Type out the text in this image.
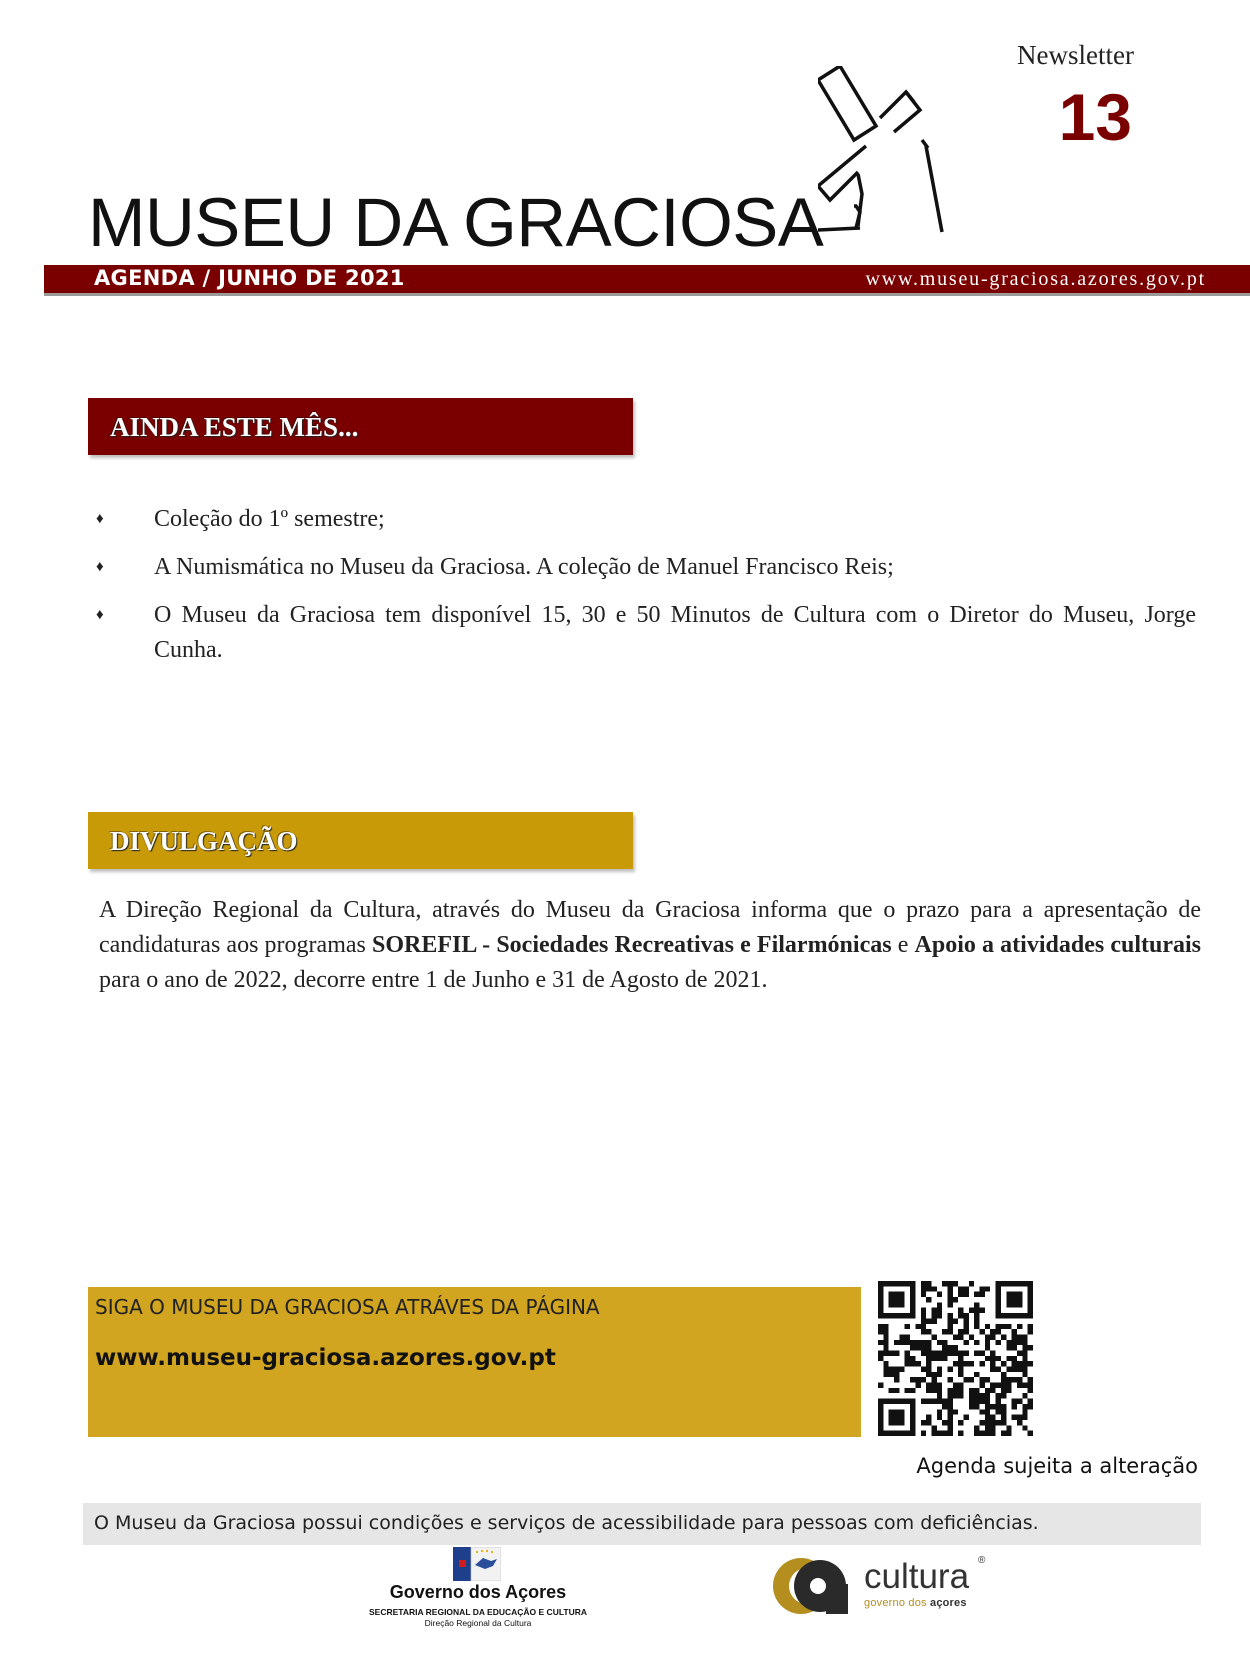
Newsletter
13
MUSEU DA GRACIOSA
AGENDA / JUNHO DE 2021	www.museu-graciosa.azores.gov.pt
AINDA ESTE MÊS...
♦ Coleção do 1º semestre;
♦ A Numismática no Museu da Graciosa. A coleção de Manuel Francisco Reis;
♦ O Museu da Graciosa tem disponível 15, 30 e 50 Minutos de Cultura com o Diretor do Museu, Jorge Cunha.
DIVULGAÇÃO

A Direção Regional da Cultura, através do Museu da Graciosa informa que o prazo para a apresentação de candidaturas aos programas SOREFIL - Sociedades Recreativas e Filarmónicas e Apoio a atividades culturais para o ano de 2022, decorre entre 1 de Junho e 31 de Agosto de 2021.

SIGA O MUSEU DA GRACIOSA ATRÁVES DA PÁGINA
www.museu-graciosa.azores.gov.pt
Agenda sujeita a alteração
O Museu da Graciosa possui condições e serviços de acessibilidade para pessoas com deficiências.
Governo dos Açores
SECRETARIA REGIONAL DA EDUCAÇÃO E CULTURA
Direção Regional da Cultura
cultura ®
governo dos açores
